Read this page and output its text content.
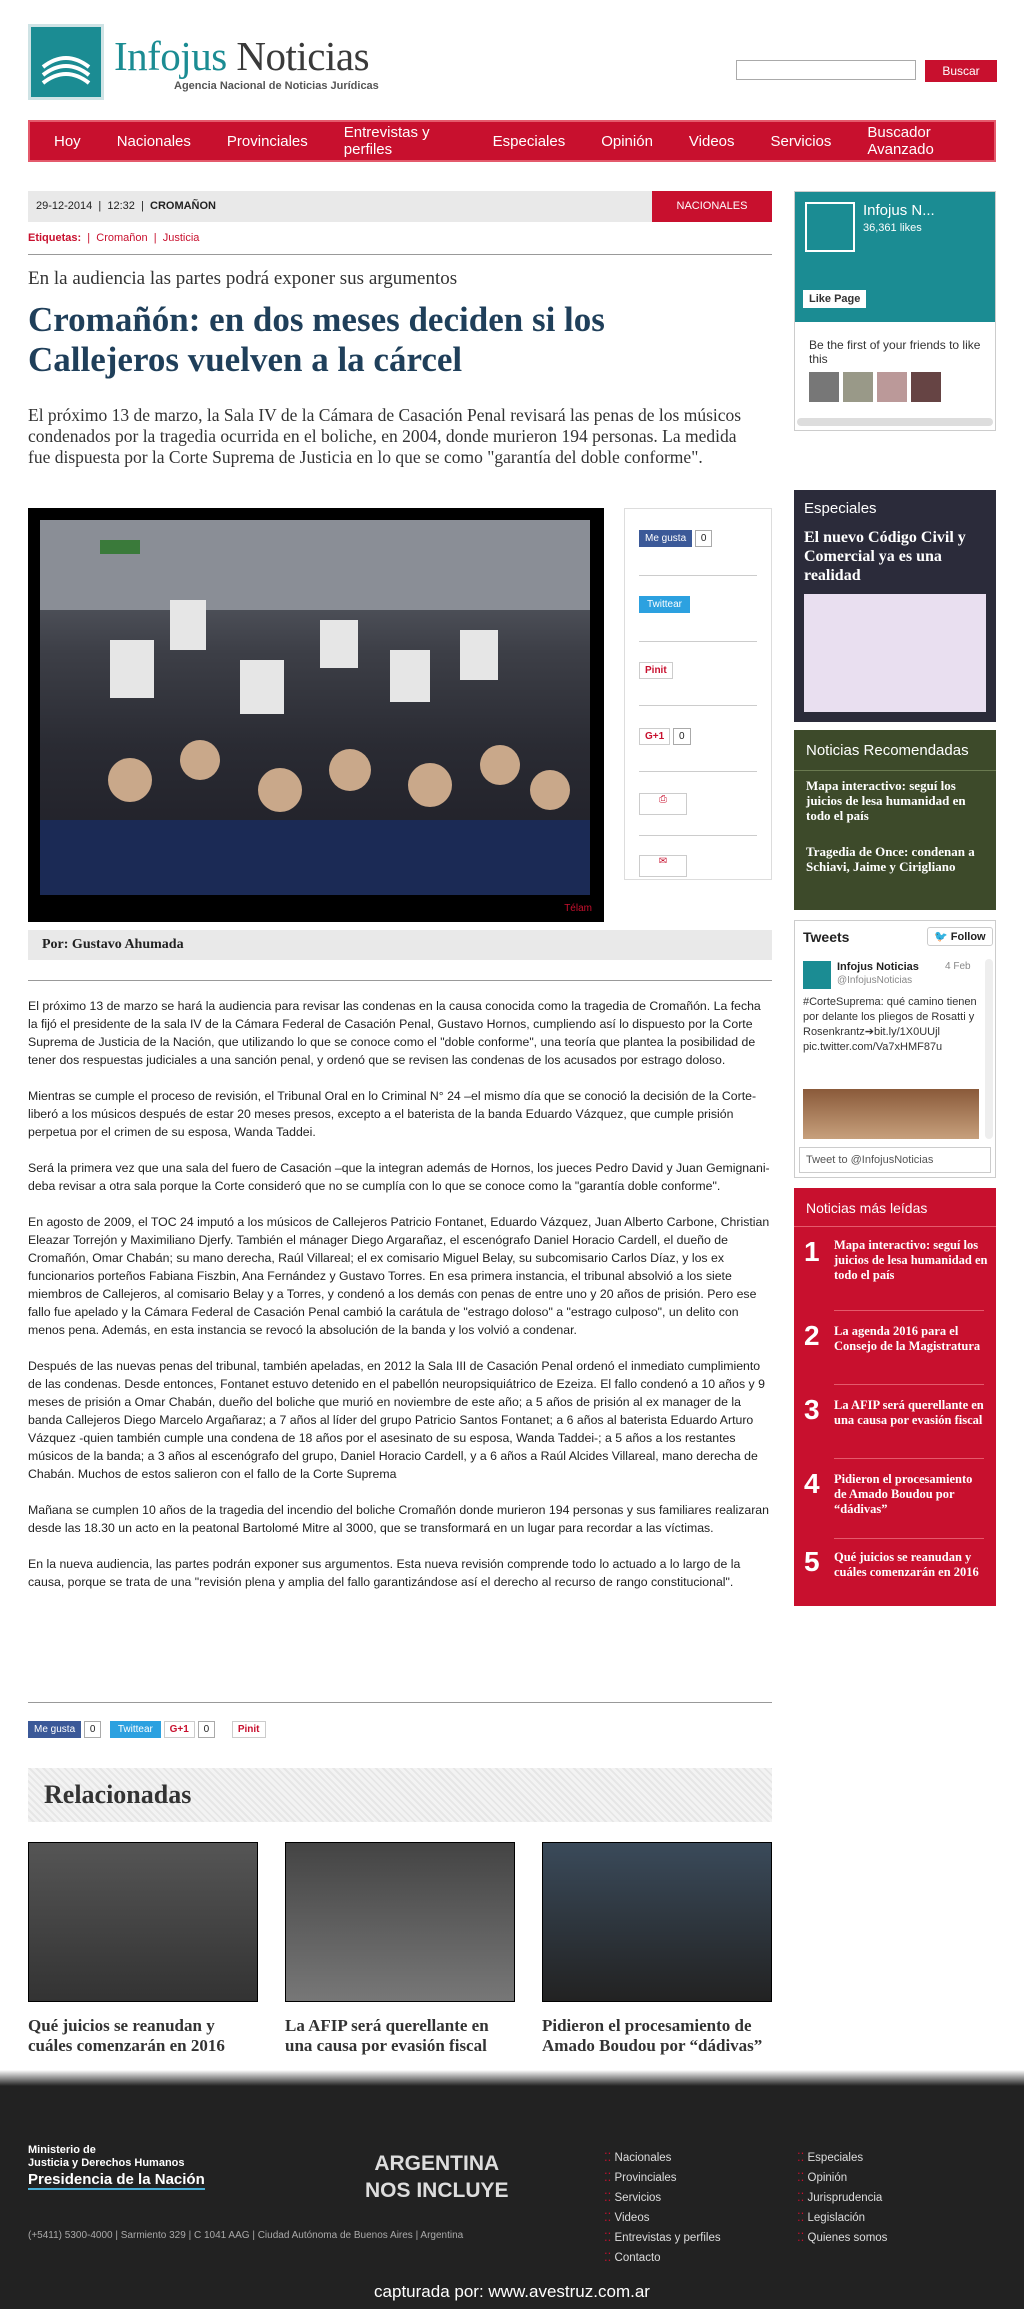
Infojus Noticias
Agencia Nacional de Noticias Jurídicas
Buscar
Hoy	Nacionales	Provinciales	Entrevistas y perfiles	Especiales	Opinión	Videos	Servicios	Buscador Avanzado
29-12-2014  |  12:32  |  CROMAÑON	NACIONALES
Etiquetas:  |  Cromañon  |  Justicia
En la audiencia las partes podrá exponer sus argumentos
Cromañón: en dos meses deciden si los Callejeros vuelven a la cárcel
El próximo 13 de marzo, la Sala IV de la Cámara de Casación Penal revisará las penas de los músicos condenados por la tragedia ocurrida en el boliche, en 2004, donde murieron 194 personas. La medida fue dispuesta por la Corte Suprema de Justicia en lo que se como "garantía del doble conforme".
Télam
Me gusta 0
Twittear
Pinit
G+1 0
⎙
✉
Por: Gustavo Ahumada

El próximo 13 de marzo se hará la audiencia para revisar las condenas en la causa conocida como la tragedia de Cromañón. La fecha la fijó el presidente de la sala IV de la Cámara Federal de Casación Penal, Gustavo Hornos, cumpliendo así lo dispuesto por la Corte Suprema de Justicia de la Nación, que utilizando lo que se conoce como el "doble conforme", una teoría que plantea la posibilidad de tener dos respuestas judiciales a una sanción penal, y ordenó que se revisen las condenas de los acusados por estrago doloso.

Mientras se cumple el proceso de revisión, el Tribunal Oral en lo Criminal N° 24 –el mismo día que se conoció la decisión de la Corte- liberó a los músicos después de estar 20 meses presos, excepto a el baterista de la banda Eduardo Vázquez, que cumple prisión perpetua por el crimen de su esposa, Wanda Taddei.

Será la primera vez que una sala del fuero de Casación –que la integran además de Hornos, los jueces Pedro David y Juan Gemignani- deba revisar a otra sala porque la Corte consideró que no se cumplía con lo que se conoce como la "garantía doble conforme".

En agosto de 2009, el TOC 24 imputó a los músicos de Callejeros Patricio Fontanet, Eduardo Vázquez, Juan Alberto Carbone, Christian Eleazar Torrejón y Maximiliano Djerfy. También el mánager Diego Argarañaz, el escenógrafo Daniel Horacio Cardell, el dueño de Cromañón, Omar Chabán; su mano derecha, Raúl Villareal; el ex comisario Miguel Belay, su subcomisario Carlos Díaz, y los ex funcionarios porteños Fabiana Fiszbin, Ana Fernández y Gustavo Torres. En esa primera instancia, el tribunal absolvió a los siete miembros de Callejeros, al comisario Belay y a Torres, y condenó a los demás con penas de entre uno y 20 años de prisión. Pero ese fallo fue apelado y la Cámara Federal de Casación Penal cambió la carátula de "estrago doloso" a "estrago culposo", un delito con menos pena. Además, en esta instancia se revocó la absolución de la banda y los volvió a condenar.

Después de las nuevas penas del tribunal, también apeladas, en 2012 la Sala III de Casación Penal ordenó el inmediato cumplimiento de las condenas. Desde entonces, Fontanet estuvo detenido en el pabellón neuropsiquiátrico de Ezeiza. El fallo condenó a 10 años y 9 meses de prisión a Omar Chabán, dueño del boliche que murió en noviembre de este año; a 5 años de prisión al ex manager de la banda Callejeros Diego Marcelo Argañaraz; a 7 años al líder del grupo Patricio Santos Fontanet; a 6 años al baterista Eduardo Arturo Vázquez -quien también cumple una condena de 18 años por el asesinato de su esposa, Wanda Taddei-; a 5 años a los restantes músicos de la banda; a 3 años al escenógrafo del grupo, Daniel Horacio Cardell, y a 6 años a Raúl Alcides Villareal, mano derecha de Chabán. Muchos de estos salieron con el fallo de la Corte Suprema

Mañana se cumplen 10 años de la tragedia del incendio del boliche Cromañón donde murieron 194 personas y sus familiares realizaran desde las 18.30 un acto en la peatonal Bartolomé Mitre al 3000, que se transformará en un lugar para recordar a las víctimas.

En la nueva audiencia, las partes podrán exponer sus argumentos. Esta nueva revisión comprende todo lo actuado a lo largo de la causa, porque se trata de una "revisión plena y amplia del fallo garantizándose así el derecho al recurso de rango constitucional".

Me gusta 0 Twittear G+1 0	Pinit
Relacionadas
Qué juicios se reanudan y cuáles comenzarán en 2016
La AFIP será querellante en una causa por evasión fiscal
Pidieron el procesamiento de Amado Boudou por “dádivas”
Infojus N...
36,361 likes
Like Page
Be the first of your friends to like this
Especiales
El nuevo Código Civil y Comercial ya es una realidad
Noticias Recomendadas
Mapa interactivo: seguí los juicios de lesa humanidad en todo el país
Tragedia de Once: condenan a Schiavi, Jaime y Cirigliano
Tweets	🐦 Follow
Infojus Noticias	4 Feb
@InfojusNoticias
#CorteSuprema: qué camino tienen por delante los pliegos de Rosatti y Rosenkrantz➔bit.ly/1X0UUjl pic.twitter.com/Va7xHMF87u
Tweet to @InfojusNoticias
Noticias más leídas
1 Mapa interactivo: seguí los juicios de lesa humanidad en todo el país
2 La agenda 2016 para el Consejo de la Magistratura
3 La AFIP será querellante en una causa por evasión fiscal
4 Pidieron el procesamiento de Amado Boudou por “dádivas”
5 Qué juicios se reanudan y cuáles comenzarán en 2016
Ministerio de
Justicia y Derechos Humanos
Presidencia de la Nación
ARGENTINA
NOS INCLUYE
(+5411) 5300-4000 | Sarmiento 329 | C 1041 AAG | Ciudad Autónoma de Buenos Aires | Argentina
⁚⁚ Nacionales
⁚⁚ Provinciales
⁚⁚ Servicios
⁚⁚ Videos
⁚⁚ Entrevistas y perfiles
⁚⁚ Contacto
⁚⁚ Especiales
⁚⁚ Opinión
⁚⁚ Jurisprudencia
⁚⁚ Legislación
⁚⁚ Quienes somos
capturada por: www.avestruz.com.ar
